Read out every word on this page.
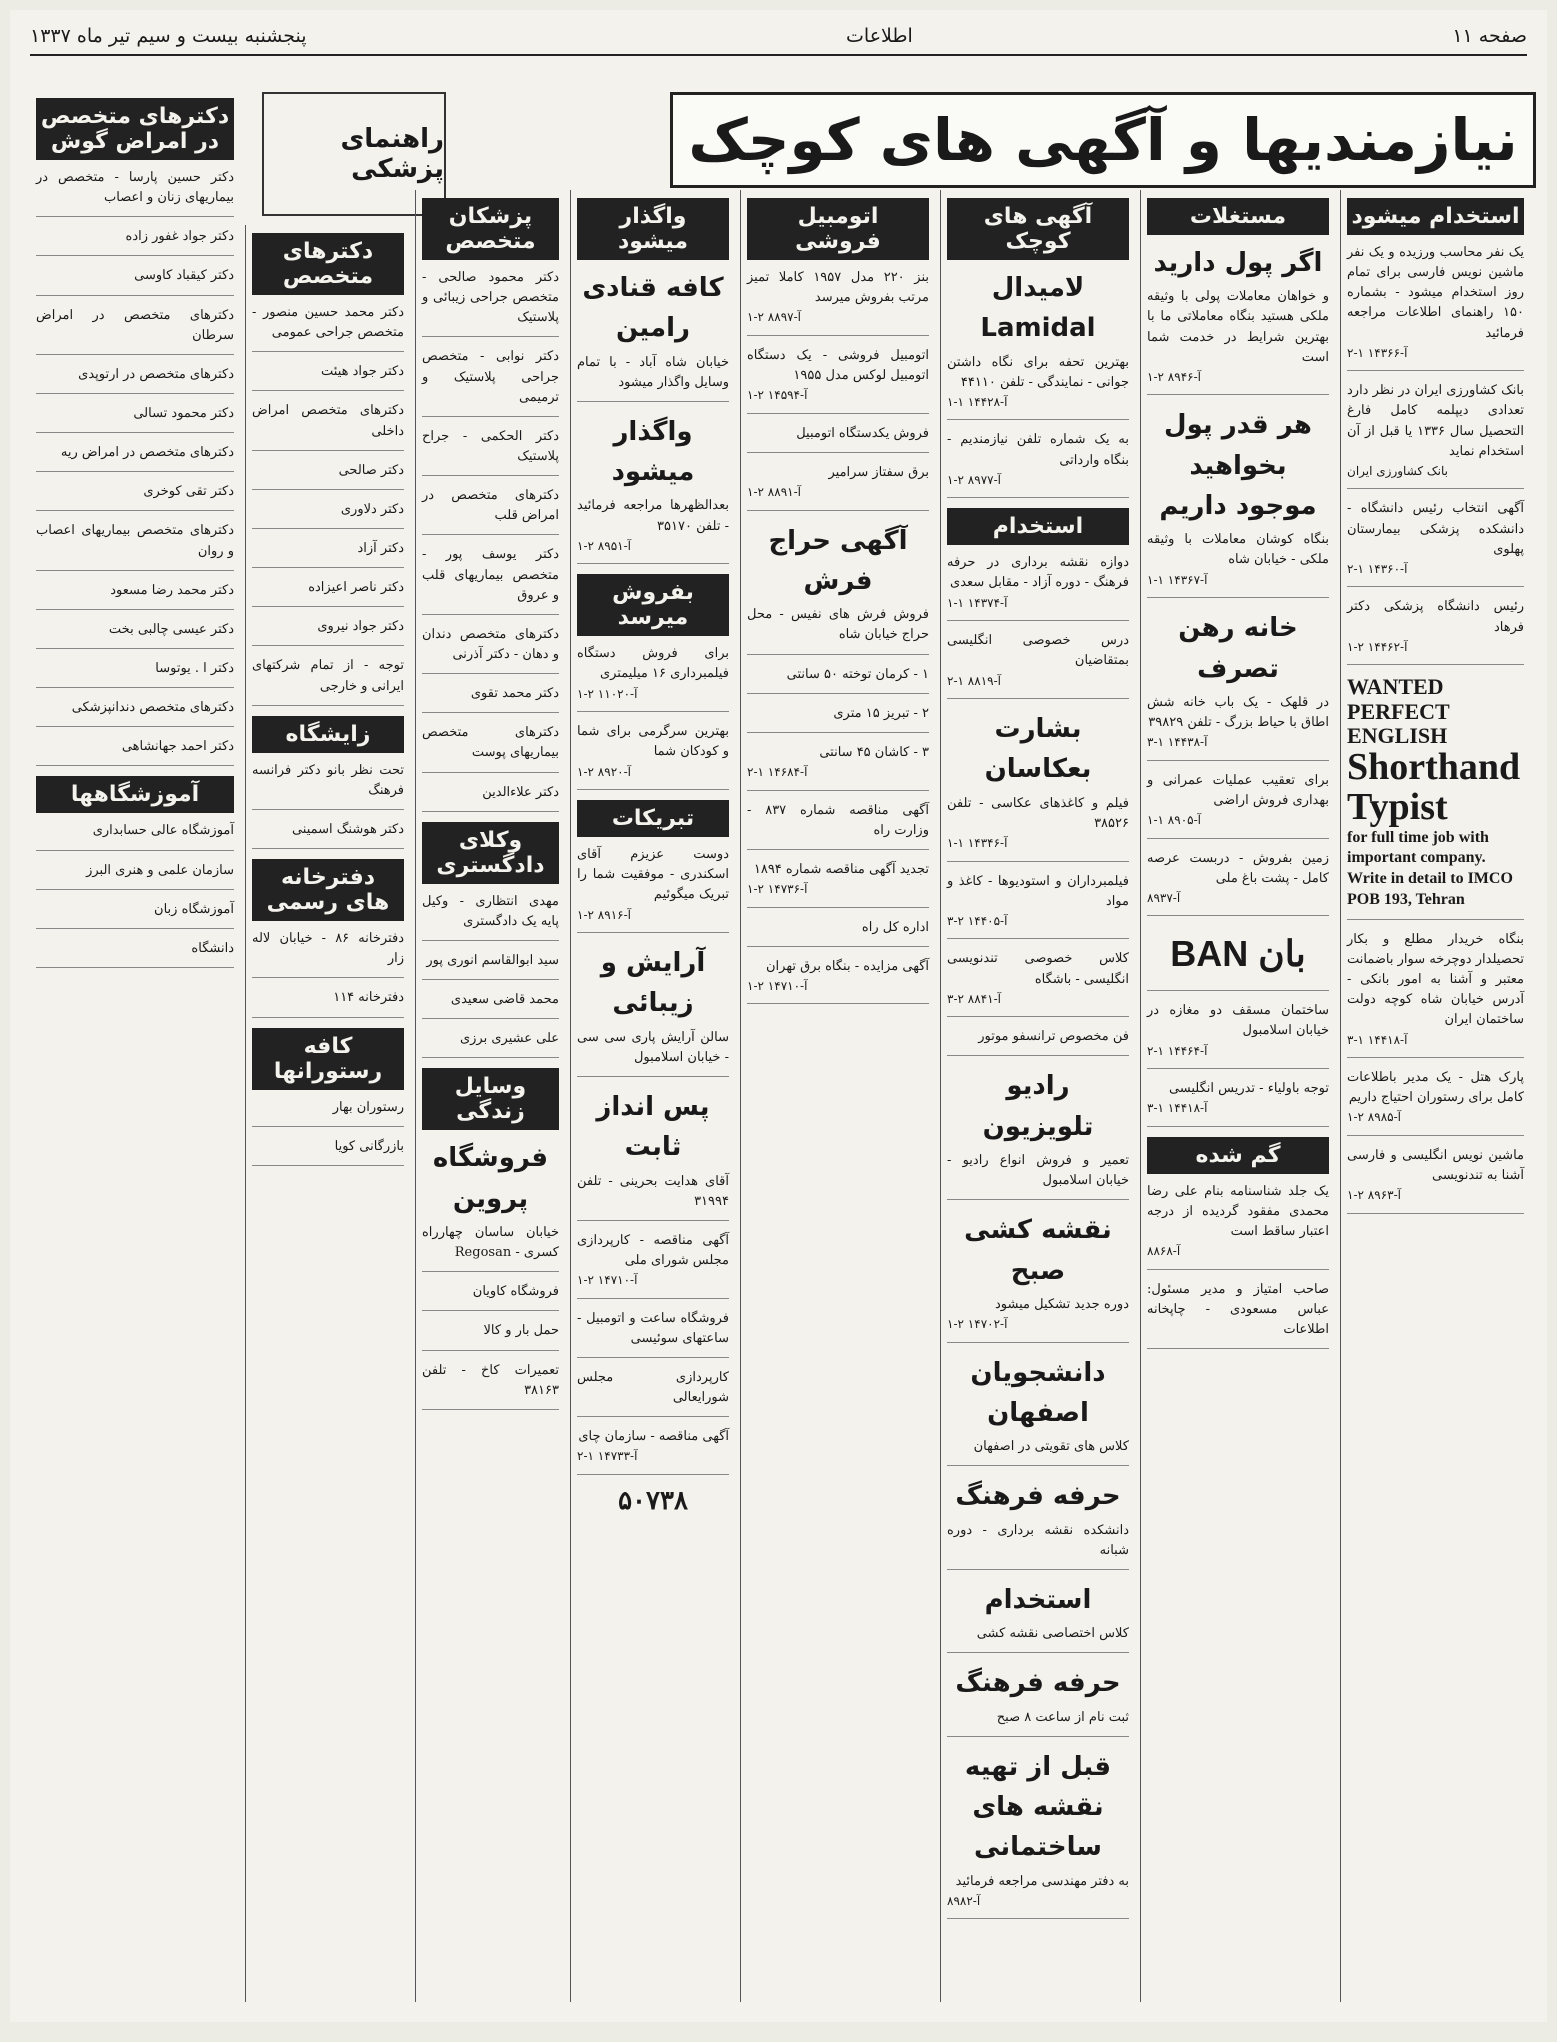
صفحه ۱۱
اطلاعات
پنجشنبه بیست و سیم تیر ماه ۱۳۳۷
نیازمندیها و آگهی های کوچک
راهنمای پزشکی
استخدام میشود
یک نفر محاسب ورزیده و یک نفر ماشین نویس فارسی برای تمام روز استخدام میشود - بشماره ۱۵۰ راهنمای اطلاعات مراجعه فرمائید
آ-۱۴۳۶۶ ۱-۲
بانک کشاورزی ایران در نظر دارد تعدادی دیپلمه کامل فارغ التحصیل سال ۱۳۳۶ یا قبل از آن استخدام نماید
بانک کشاورزی ایران
آگهی انتخاب رئیس دانشگاه - دانشکده پزشکی بیمارستان پهلوی
آ-۱۴۳۶۰ ۱-۲
رئیس دانشگاه پزشکی دکتر فرهاد
آ-۱۴۴۶۲ ۲-۱
WANTED
PERFECT ENGLISH
Shorthand
Typist
for full time job with important company. Write in detail to IMCO POB 193, Tehran
بنگاه خریدار مطلع و بکار تحصیلدار دوچرخه سوار باضمانت معتبر و آشنا به امور بانکی - آدرس خیابان شاه کوچه دولت ساختمان ایران
آ-۱۴۴۱۸ ۱-۳
پارک هتل - یک مدیر باطلاعات کامل برای رستوران احتیاج داریم
آ-۸۹۸۵ ۲-۱
ماشین نویس انگلیسی و فارسی آشنا به تندنویسی
آ-۸۹۶۳ ۲-۱
مستغلات
اگر پول دارید
و خواهان معاملات پولی با وثیقه ملکی هستید بنگاه معاملاتی ما با بهترین شرایط در خدمت شما است
آ-۸۹۴۶ ۲-۱
هر قدر پول بخواهید موجود داریم
بنگاه کوشان معاملات با وثیقه ملکی - خیابان شاه
آ-۱۴۳۶۷ ۱-۱
خانه رهن تصرف
در قلهک - یک باب خانه شش اطاق با حیاط بزرگ - تلفن ۳۹۸۲۹
آ-۱۴۴۳۸ ۱-۳
برای تعقیب عملیات عمرانی و بهداری فروش اراضی
آ-۸۹۰۵ ۱-۱
زمین بفروش - دربست عرصه کامل - پشت باغ ملی
آ-۸۹۳۷
BAN بان
ساختمان مسقف دو مغازه در خیابان اسلامبول
آ-۱۴۴۶۴ ۱-۲
توجه باولیاء - تدریس انگلیسی
آ-۱۴۴۱۸ ۱-۳
گم شده
یک جلد شناسنامه بنام علی رضا محمدی مفقود گردیده از درجه اعتبار ساقط است
آ-۸۸۶۸
صاحب امتیاز و مدیر مسئول: عباس مسعودی - چاپخانه اطلاعات
آگهی های کوچک
لامیدال Lamidal
بهترین تحفه برای نگاه داشتن جوانی - نمایندگی - تلفن ۴۴۱۱۰
آ-۱۴۴۲۸ ۱-۱
به یک شماره تلفن نیازمندیم - بنگاه وارداتی
آ-۸۹۷۷ ۲-۱
استخدام
دوازه نقشه برداری در حرفه فرهنگ - دوره آزاد - مقابل سعدی
آ-۱۴۳۷۴ ۱-۱
درس خصوصی انگلیسی بمتقاضیان
آ-۸۸۱۹ ۱-۲
بشارت بعکاسان
فیلم و کاغذهای عکاسی - تلفن ۳۸۵۲۶
آ-۱۴۳۴۶ ۱-۱
فیلمبرداران و استودیوها - کاغذ و مواد
آ-۱۴۴۰۵ ۲-۳
کلاس خصوصی تندنویسی انگلیسی - باشگاه
آ-۸۸۴۱ ۲-۳
فن مخصوص ترانسفو موتور
رادیو تلویزیون
تعمیر و فروش انواع رادیو - خیابان اسلامبول
نقشه کشی صبح
دوره جدید تشکیل میشود
آ-۱۴۷۰۲ ۲-۱
دانشجویان اصفهان
کلاس های تقویتی در اصفهان
حرفه فرهنگ
دانشکده نقشه برداری - دوره شبانه
استخدام
کلاس اختصاصی نقشه کشی
حرفه فرهنگ
ثبت نام از ساعت ۸ صبح
قبل از تهیه نقشه های ساختمانی
به دفتر مهندسی مراجعه فرمائید
آ-۸۹۸۲
اتومبیل فروشی
بنز ۲۲۰ مدل ۱۹۵۷ کاملا تمیز مرتب بفروش میرسد
آ-۸۸۹۷ ۲-۱
اتومبیل فروشی - یک دستگاه اتومبیل لوکس مدل ۱۹۵۵
آ-۱۴۵۹۴ ۲-۱
فروش یکدستگاه اتومبیل
برق سفتاز سرامیر
آ-۸۸۹۱ ۲-۱
آگهی حراج فرش
فروش فرش های نفیس - محل حراج خیابان شاه
۱ - کرمان توخته ۵۰ سانتی
۲ - تبریز ۱۵ متری
۳ - کاشان ۴۵ سانتی
آ-۱۴۶۸۴ ۱-۲
آگهی مناقصه شماره ۸۳۷ - وزارت راه
تجدید آگهی مناقصه شماره ۱۸۹۴
آ-۱۴۷۳۶ ۲-۱
اداره کل راه
آگهی مزایده - بنگاه برق تهران
آ-۱۴۷۱۰ ۲-۱
واگذار میشود
کافه قنادی رامین
خیابان شاه آباد - با تمام وسایل واگذار میشود
واگذار میشود
بعدالظهرها مراجعه فرمائید - تلفن ۳۵۱۷۰
آ-۸۹۵۱ ۲-۱
بفروش میرسد
برای فروش دستگاه فیلمبرداری ۱۶ میلیمتری
آ-۱۱۰۲۰ ۲-۱
بهترین سرگرمی برای شما و کودکان شما
آ-۸۹۲۰ ۲-۱
تبریکات
دوست عزیزم آقای اسکندری - موفقیت شما را تبریک میگوئیم
آ-۸۹۱۶ ۲-۱
آرایش و زیبائی
سالن آرایش پاری سی سی - خیابان اسلامبول
پس انداز ثابت
آقای هدایت بحرینی - تلفن ۳۱۹۹۴
آگهی مناقصه - کارپردازی مجلس شورای ملی
آ-۱۴۷۱۰ ۲-۱
فروشگاه ساعت و اتومبیل - ساعتهای سوئیسی
کارپردازی مجلس شورایعالی
آگهی مناقصه - سازمان چای
آ-۱۴۷۳۳ ۱-۲
۵۰۷۳۸
پزشکان متخصص
دکتر محمود صالحی - متخصص جراحی زیبائی و پلاستیک
دکتر نوابی - متخصص جراحی پلاستیک و ترمیمی
دکتر الحکمی - جراح پلاستیک
دکترهای متخصص در امراض قلب
دکتر یوسف پور - متخصص بیماریهای قلب و عروق
دکترهای متخصص دندان و دهان - دکتر آذرنی
دکتر محمد تقوی
دکترهای متخصص بیماریهای پوست
دکتر علاءالدین
وکلای دادگستری
مهدی انتظاری - وکیل پایه یک دادگستری
سید ابوالقاسم انوری پور
محمد قاضی سعیدی
علی عشیری برزی
وسایل زندگی
فروشگاه پروین
خیابان ساسان چهارراه کسری - Regosan
فروشگاه کاویان
حمل بار و کالا
تعمیرات کاخ - تلفن ۳۸۱۶۳
دکترهای متخصص
دکتر محمد حسین منصور - متخصص جراحی عمومی
دکتر جواد هیئت
دکترهای متخصص امراض داخلی
دکتر صالحی
دکتر دلاوری
دکتر آزاد
دکتر ناصر اعیزاده
دکتر جواد نیروی
توجه - از تمام شرکتهای ایرانی و خارجی
زایشگاه
تحت نظر بانو دکتر فرانسه فرهنگ
دکتر هوشنگ اسمینی
دفترخانه های رسمی
دفترخانه ۸۶ - خیابان لاله زار
دفترخانه ۱۱۴
کافه رستورانها
رستوران بهار
بازرگانی کویا
دکترهای متخصص در امراض گوش
دکتر حسین پارسا - متخصص در بیماریهای زنان و اعصاب
دکتر جواد غفور زاده
دکتر کیقباد کاوسی
دکترهای متخصص در امراض سرطان
دکترهای متخصص در ارتوپدی
دکتر محمود تسالی
دکترهای متخصص در امراض ریه
دکتر تقی کوخری
دکترهای متخصص بیماریهای اعصاب و روان
دکتر محمد رضا مسعود
دکتر عیسی چالبی بخت
دکتر ا . یوتوسا
دکترهای متخصص دندانپزشکی
دکتر احمد جهانشاهی
آموزشگاهها
آموزشگاه عالی حسابداری
سازمان علمی و هنری البرز
آموزشگاه زبان
دانشگاه
